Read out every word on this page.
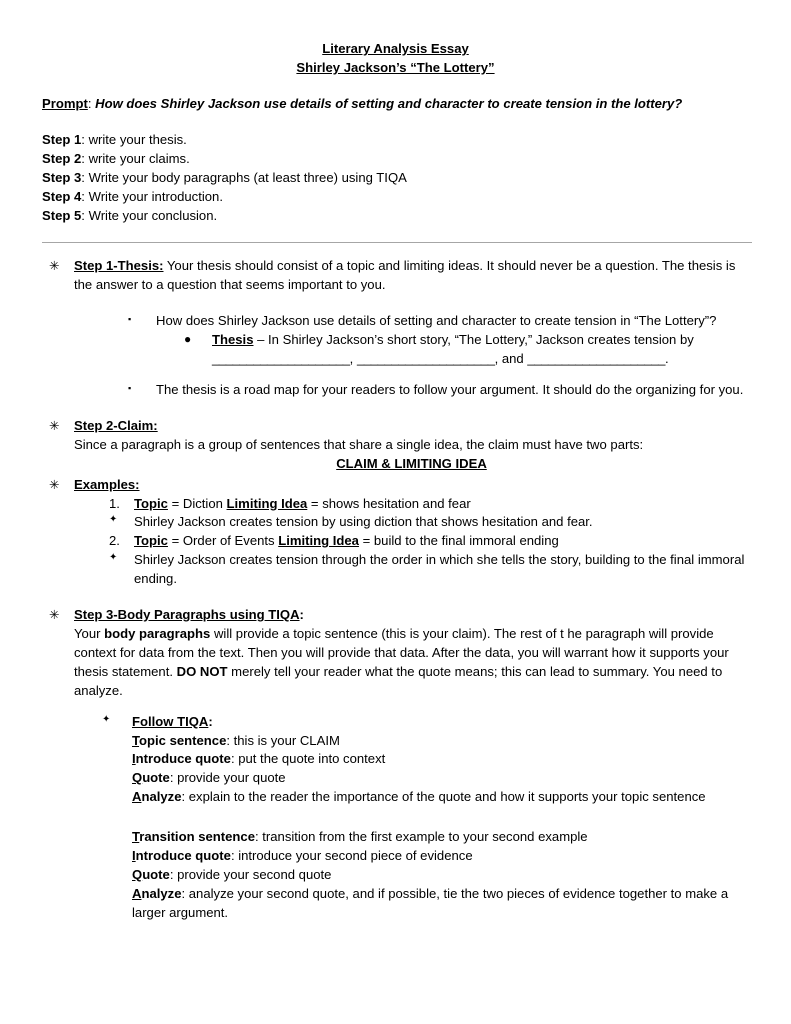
Literary Analysis Essay
Shirley Jackson’s “The Lottery”
Prompt: How does Shirley Jackson use details of setting and character to create tension in the lottery?
Step 1: write your thesis.
Step 2: write your claims.
Step 3: Write your body paragraphs (at least three) using TIQA
Step 4: Write your introduction.
Step 5: Write your conclusion.
✳	Step 1-Thesis: Your thesis should consist of a topic and limiting ideas. It should never be a question. The thesis is the answer to a question that seems important to you.
▪	How does Shirley Jackson use details of setting and character to create tension in “The Lottery”?
●	Thesis – In Shirley Jackson’s short story, “The Lottery,” Jackson creates tension by ____________________, ____________________, and ____________________.
▪	The thesis is a road map for your readers to follow your argument. It should do the organizing for you.
✳	Step 2-Claim:
Since a paragraph is a group of sentences that share a single idea, the claim must have two parts:
CLAIM & LIMITING IDEA
✳	Examples:
1.	Topic = Diction Limiting Idea = shows hesitation and fear
✦	Shirley Jackson creates tension by using diction that shows hesitation and fear.
2.	Topic = Order of Events Limiting Idea = build to the final immoral ending
✦	Shirley Jackson creates tension through the order in which she tells the story, building to the final immoral ending.
✳	Step 3-Body Paragraphs using TIQA:
Your body paragraphs will provide a topic sentence (this is your claim). The rest of t he paragraph will provide context for data from the text. Then you will provide that data. After the data, you will warrant how it supports your thesis statement. DO NOT merely tell your reader what the quote means; this can lead to summary. You need to analyze.
✦	Follow TIQA:
Topic sentence: this is your CLAIM
Introduce quote: put the quote into context
Quote: provide your quote
Analyze: explain to the reader the importance of the quote and how it supports your topic sentence
Transition sentence: transition from the first example to your second example
Introduce quote: introduce your second piece of evidence
Quote: provide your second quote
Analyze: analyze your second quote, and if possible, tie the two pieces of evidence together to make a larger argument.
